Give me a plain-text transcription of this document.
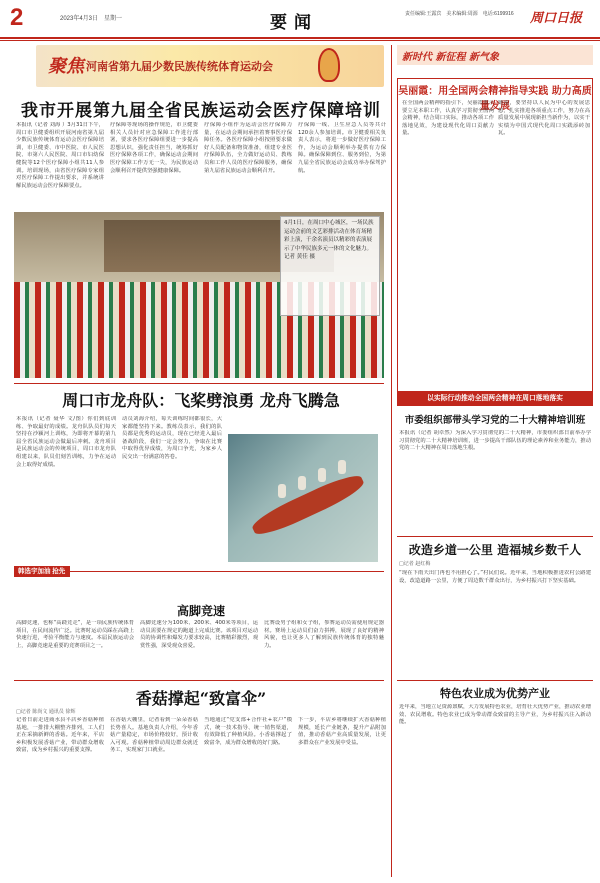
2	2023年4月3日　星期一	要闻	责任编辑:王露宾　美术编辑:周源　电话:6199916	周口日报
聚焦 河南省第九届少数民族传统体育运动会
我市开展第九届全省民族运动会医疗保障培训
本报讯（记者 刘海 ）3月31日下午，周口市卫健委组织开展河南省第九届少数民族传统体育运动会医疗保障培训，市卫健委、市中医院、市人民医院、市第六人民医院、周口市妇幼保健院等12个医疗保障小组共11人参训。培训现场，由省医疗保障专家组对医疗保障工作提出要求，并系统讲解民族运动会医疗保障要点。
疗保障等现场的操作规范，市卫健委相关人员针对应急保障工作进行部署，要求各医疗保障组要进一步提高思想认识，强化责任担当，统筹抓好医疗保障各项工作，确保运动会期间医疗保障工作万无一失，为民族运动会顺利召开提供坚强健康保障。
疗保障小组作为运动会医疗保障力量，在运动会期间承担着赛事医疗保障任务。各医疗保障小组按照要求做好人员配备和物资准备，组建专业医疗保障队伍，全力做好运动员、教练员和工作人员的医疗保障服务，确保第九届省民族运动会顺利召开。
疗保障一线、卫生应急人员等共计120余人参加培训。市卫健委相关负责人表示，将进一步做好医疗保障工作，为运动会顺利举办提供有力保障。确保保障到位、服务到位，为第九届全省民族运动会成功举办保驾护航。
4月1日，在周口中心城区，一场民族运动会前的文艺彩排活动在体育场精彩上演，千余名演员以精彩的表演展示了中华民族多元一体的文化魅力。
记者 黄佳 摄
周口市龙舟队：飞桨劈浪勇 龙舟飞腾急
本报讯（记者 聂华 文/图）你们到底训练、争取最好的成绩。龙舟队队员们每天坚持在沙颍河上训练，为即将开幕的第九届全省民族运动会做最后冲刺。龙舟项目是民族运动会的传统项目，周口市龙舟队组建以来，队员们刻苦训练，力争在运动会上取得好成绩。
动员刘海介绍，每天训练时间都很长，大家都能坚持下来。教练员表示，我们的队员都是优秀的运动员，现在已经进入最后备战阶段，我们一定会努力，争取在比赛中取得优异成绩，为周口争光，为家乡人民交出一份满意的答卷。
韩选宇加油 抢先看
高脚竞速
高脚竞速，也称“高跷竞走”，是一项民族传统体育项目，在民间流传广泛。比赛时运动员踩在高跷上快速行进，考验平衡能力与速度。本届民族运动会上，高脚竞速是重要的竞赛项目之一。
高脚竞速分为100米、200米、400米等项目，运动员需要在规定的跑道上完成比赛。该项目对运动员的协调性和爆发力要求较高，比赛精彩激烈，观赏性强，深受观众喜爱。
比赛设男子组和女子组，参赛运动员需使用规定器材。赛场上运动员们奋力拼搏，展现了良好的精神风貌，也让更多人了解到民族传统体育的独特魅力。
香菇撑起“致富伞”
□记者 陈尚文 通讯员 徐辉
记者日前走进商水县平店乡香菇种植基地，一排排大棚整齐排列，工人们正在采摘新鲜的香菇。近年来，平店乡积极发展香菇产业，带动群众增收致富，成为乡村振兴的重要支撑。
在香菇大棚里，记者看到一朵朵香菇长势喜人。基地负责人介绍，今年香菇产量稳定，市场价格较好，预计收入可观。香菇种植带动周边群众就近务工，实现家门口就业。
当地通过“党支部+合作社+农户”模式，统一技术指导、统一销售渠道，有效降低了种植风险。小香菇撑起了致富伞，成为群众增收的好门路。
下一步，平店乡将继续扩大香菇种植规模，延长产业链条，提升产品附加值，推动香菇产业高质量发展，让更多群众在产业发展中受益。
新时代 新征程 新气象
吴丽霞：用全国两会精神指导实践 助力高质量发展
在全国两会精神的指引下，吴丽霞表示要立足本职工作，认真学习贯彻全国两会精神，结合周口实际，推动各项工作落地见效，为建设现代化周口贡献力量。
她说，要坚持以人民为中心的发展思想，扎实推进各项重点工作，努力在高质量发展中展现新担当新作为，以实干实绩为中国式现代化周口实践添砖加瓦。
以实际行动推动全国两会精神在周口落地落实
市委组织部带头学习党的二十大精神培训班
本报讯（记者 胡卓然）为深入学习贯彻党的二十大精神，市委组织部日前举办学习贯彻党的二十大精神培训班，进一步提高干部队伍的理论素养和业务能力，推动党的二十大精神在周口落地生根。
改造乡道一公里 造福城乡数千人
□记者 赵红梅
“现在下雨天出门再也不用担心了。”村民们说。近年来，当地积极推进农村公路建设，改造道路一公里，方便了周边数千群众出行，为乡村振兴打下坚实基础。
特色农业成为优势产业
近年来，当地立足资源禀赋，大力发展特色农业，培育壮大优势产业，推动农业增效、农民增收。特色农业已成为带动群众致富的主导产业，为乡村振兴注入新动能。
